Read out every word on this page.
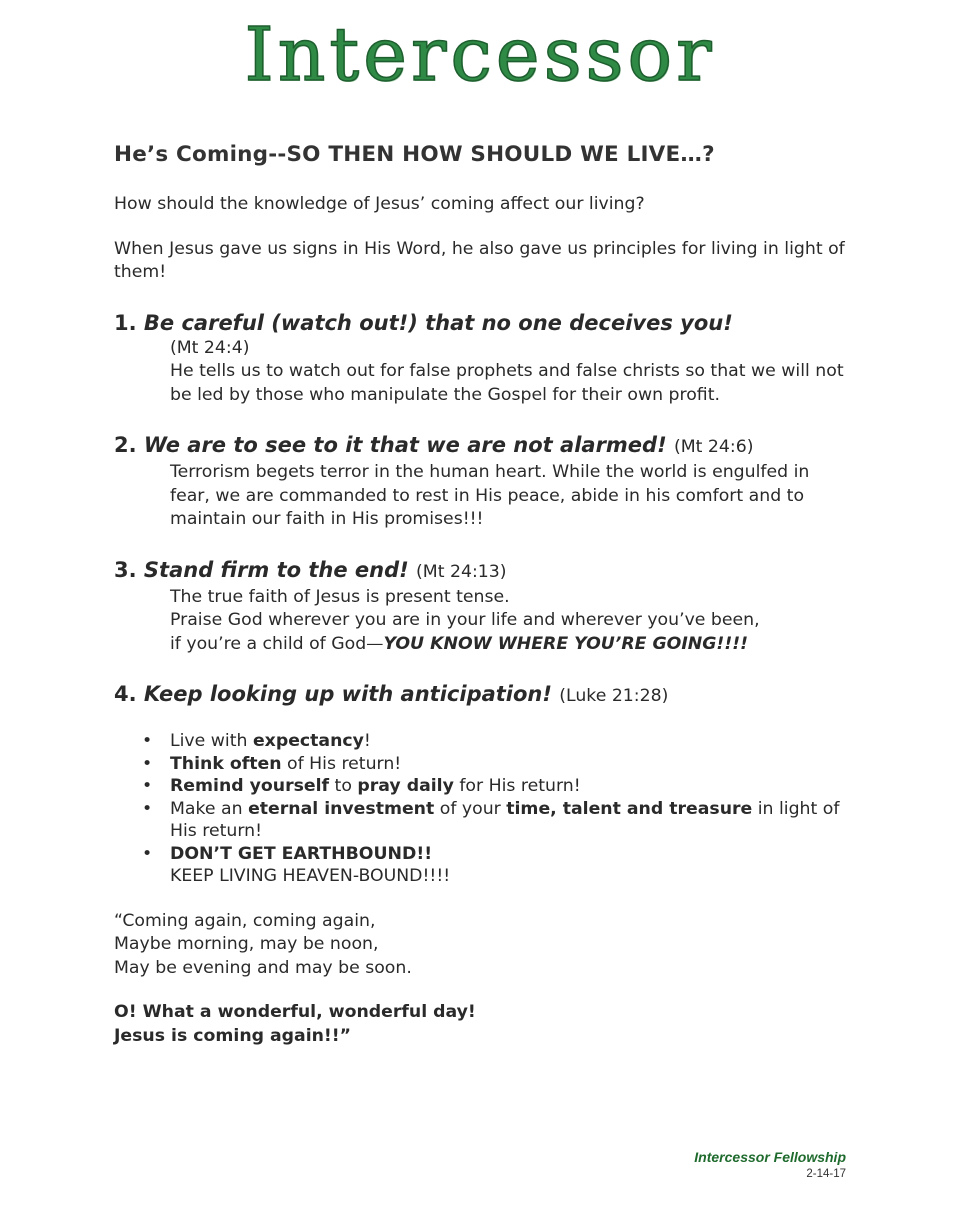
Intercessor
He’s Coming--SO THEN HOW SHOULD WE LIVE…?

How should the knowledge of Jesus’ coming affect our living?

When Jesus gave us signs in His Word, he also gave us principles for living in light of them!

1. Be careful (watch out!) that no one deceives you!
(Mt 24:4)
He tells us to watch out for false prophets and false christs so that we will not be led by those who manipulate the Gospel for their own profit.
2. We are to see to it that we are not alarmed! (Mt 24:6)
Terrorism begets terror in the human heart. While the world is engulfed in fear, we are commanded to rest in His peace, abide in his comfort and to maintain our faith in His promises!!!
3. Stand firm to the end! (Mt 24:13)
The true faith of Jesus is present tense.
Praise God wherever you are in your life and wherever you’ve been,
if you’re a child of God—YOU KNOW WHERE YOU’RE GOING!!!!
4. Keep looking up with anticipation! (Luke 21:28)
• Live with expectancy!
• Think often of His return!
• Remind yourself to pray daily for His return!
• Make an eternal investment of your time, talent and treasure in light of His return!
• DON’T GET EARTHBOUND!!
KEEP LIVING HEAVEN-BOUND!!!!
“Coming again, coming again,
Maybe morning, may be noon,
May be evening and may be soon.
O! What a wonderful, wonderful day!
Jesus is coming again!!”
Intercessor Fellowship
2-14-17
